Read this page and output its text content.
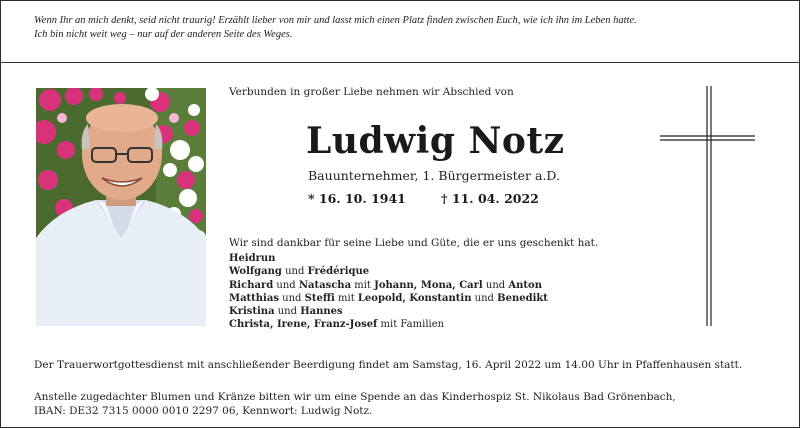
Wenn Ihr an mich denkt, seid nicht traurig! Erzählt lieber von mir und lasst mich einen Platz finden zwischen Euch, wie ich ihn im Leben hatte.
Ich bin nicht weit weg – nur auf der anderen Seite des Weges.
Verbunden in großer Liebe nehmen wir Abschied von
Ludwig Notz
Bauunternehmer, 1. Bürgermeister a.D.
* 16. 10. 1941	† 11. 04. 2022
Wir sind dankbar für seine Liebe und Güte, die er uns geschenkt hat.
Heidrun
Wolfgang und Frédérique
Richard und Natascha mit Johann, Mona, Carl und Anton
Matthias und Steffi mit Leopold, Konstantin und Benedikt
Kristina und Hannes
Christa, Irene, Franz-Josef mit Familien
Der Trauerwortgottesdienst mit anschließender Beerdigung findet am Samstag, 16. April 2022 um 14.00 Uhr in Pfaffenhausen statt.
Anstelle zugedachter Blumen und Kränze bitten wir um eine Spende an das Kinderhospiz St. Nikolaus Bad Grönenbach,
IBAN: DE32 7315 0000 0010 2297 06, Kennwort: Ludwig Notz.
